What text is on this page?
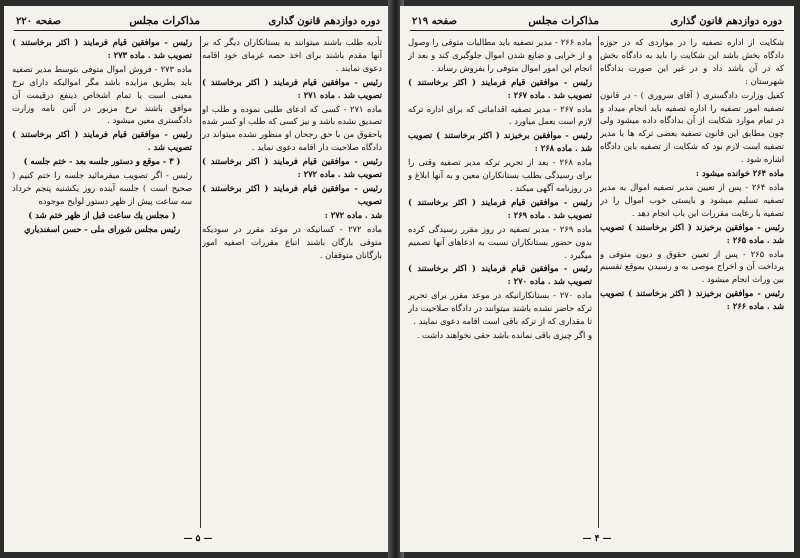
دوره دوازدهم قانون گذاری
مذاکرات مجلس
صفحه ۲۲۰

تأدیه طلب باشند میتوانند به بستانکاران دیگر که بر آنها مقدم باشند براى اخذ حصه غرماى خود اقامه دعوى نمايند .

رئيس - موافقين قيام فرمايند ( اكثر برخاستند ) تصويب شد . ماده ۲۷۱ :

ماده ۲۷۱ - کسی که ادعای طلبی نموده و طلب او تصديق نشده باشد و نيز کسی که طلب او کسر شده ياحقوق من با حق رجحان او منظور نشده ميتواند در دادگاه صلاحيت دار اقامه دعوى نمايد .

رئيس - موافقين قيام فرمايند ( اكثر برخاستند ) تصويب شد . ماده ۲۷۲ :

رئيس - موافقين قيام فرمايند ( اكثر برخاستند ) تصويب

شد . ماده ۲۷۲ :

ماده ۲۷۲ - كسانيكه در موعد مقرر در سوديكه متوفى بازگان باشند اتباع مقررات اصفيه امور بازگانان متوقفان .

رئيس - موافقين قيام فرمايند ( اكثر برخاستند ) تصويب شد . ماده ۲۷۳ :

ماده ۲۷۳ - فروش اموال متوفى بتوسط مدير تصفيه بايد بطريق مزايده باشد مگر اموالیكه داراى نرخ معينى است يا تمام اشخاص ذينفع درقيمت آن موافق باشند نرخ مزبور در آئين نامه وزارت دادگسترى معين ميشود .

رئيس - موافقين قيام فرمايند ( اكثر برخاستند ) تصويب شد .

( ۳ - موقع و دستور جلسه بعد - ختم جلسه )

رئيس - اگر تصويب ميفرمائيد جلسه را ختم كنيم ( صحيح است ) جلسه آينده روز يكشنبه پنجم خرداد سه ساعت پيش از ظهر دستور لوايح موجوده

( مجلس يك ساعت قبل از ظهر ختم شد )

رئيس مجلس شوراى ملى - حسن اسفندياري

— ۵ —
دوره دوازدهم قانون گذاری
مذاکرات مجلس
صفحه ۲۱۹

شكايت از اداره تصفيه را در مواردى كه در حوزه دادگاه بخش باشد اين شكايت را بايد به دادگاه بخش كه در آن باشد داد و در غير اين صورت بدادگاه شهرستان :

كفيل وزارت دادگسترى ( آقاى سرورى ) - در قانون تصفيه امور تصفيه را اداره تصفيه بايد انجام ميداد و در تمام موارد شکایت از آن بدادگاه داده ميشود ولى چون مطابق اين قانون تصفيه بعضى ترکه ها با مدير تصفيه است لازم بود كه شكايت از تصفيه باين دادگاه اشاره شود .

ماده ۲۶۴ خوانده ميشود :

ماده ۲۶۴ - پس از تعيين مدير تصفيه اموال به مدير تصفيه تسليم ميشود و بايستى خوب اموال را در تصفيه با رعايت مقررات اين باب انجام دهد .

رئيس - موافقين برخيزند ( اكثر برخاستند ) تصويب شد . ماده ۲۶۵ :

ماده ۲۶۵ - پس از تعيين حقوق و ديون متوفى و پرداخت آن و اخراج موصى به و رسيدن بموقع تقسيم بين وراث انجام ميشود .

رئيس - موافقين برخيزند ( اكثر برخاستند ) تصويب شد . ماده ۲۶۶ :

ماده ۲۶۶ - مدير تصفيه بايد مطالبات متوفى را وصول و از خرابى و ضايع شدن اموال جلوگيرى كند و بعد از انجام اين امور اموال متوفى را بفروش رساند .

رئيس - موافقين قيام فرمايند ( اكثر برخاستند ) تصويب شد . ماده ۲۶۷ :

ماده ۲۶۷ - مدير تصفيه اقداماتى كه براى اداره تركه لازم است بعمل مياورد .

رئيس - موافقين برخيزند ( اكثر برخاستند ) تصويب شد . ماده ۲۶۸ :

ماده ۲۶۸ - بعد از تحرير تركه مدير تصفيه وقتى را براى رسيدگى بطلب بستانكاران معين و به آنها ابلاغ و در روزنامه آگهى ميكند .

رئيس - موافقين قيام فرمايند ( اكثر برخاستند ) تصويب شد . ماده ۲۶۹ :

ماده ۲۶۹ - مدير تصفيه در روز مقرر رسيدگى كرده بدون حضور بستانكاران نسبت به ادعاهای آنها تصميم ميگيرد .

رئيس - موافقين قيام فرمايند ( اكثر برخاستند ) تصويب شد . ماده ۲۷۰ :

ماده ۲۷۰ - بستانكارانيكه در موعد مقرر براى تحرير تركه حاضر نشده باشند ميتوانند در دادگاه صلاحيت دار تا مقدارى كه از تركه باقى است اقامه دعوى نمايند .

و اگر چيزى باقى نمانده باشد حقى نخواهند داشت .

— ۴ —
